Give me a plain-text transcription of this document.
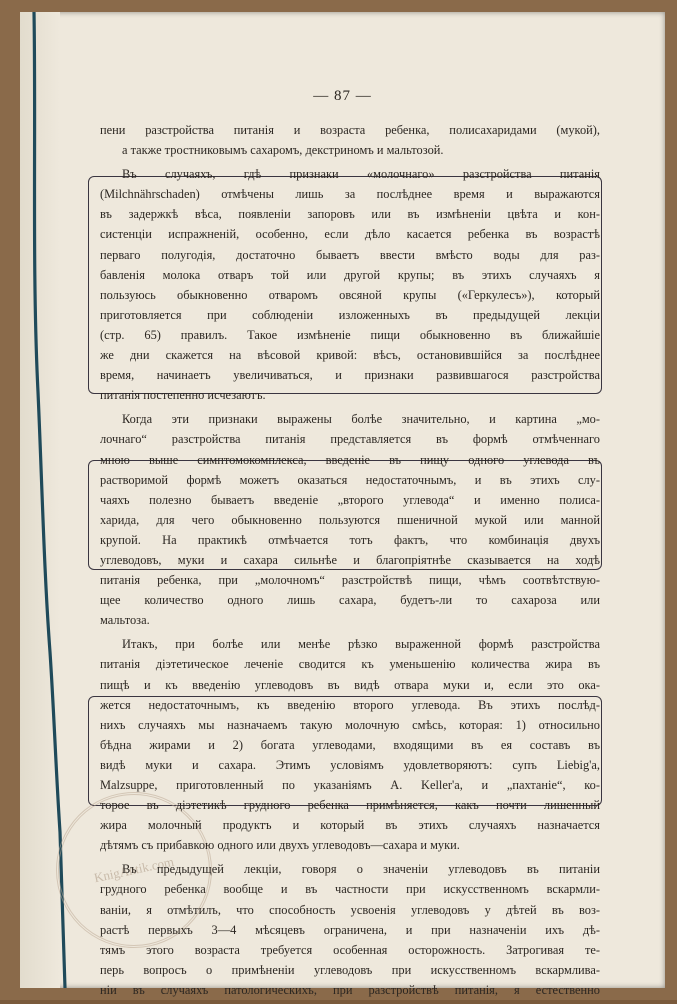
— 87 —
KnigAntik.com
пени разстройства питанія и возраста ребенка, полисахаридами (мукой),
а также тростниковымъ сахаромъ, декстриномъ и мальтозой.
Въ случаяхъ, гдѣ признаки «молочнаго» разстройства питанія
(Milchnährschaden) отмѣчены лишь за послѣднее время и выражаются
въ задержкѣ вѣса, появленіи запоровъ или въ измѣненіи цвѣта и кон-
систенціи испражненій, особенно, если дѣло касается ребенка въ возрастѣ
перваго полугодія, достаточно бываетъ ввести вмѣсто воды для раз-
бавленія молока отваръ той или другой крупы; въ этихъ случаяхъ я
пользуюсь обыкновенно отваромъ овсяной крупы («Геркулесъ»), который
приготовляется при соблюденіи изложенныхъ въ предыдущей лекціи
(стр. 65) правилъ. Такое измѣненіе пищи обыкновенно въ ближайшіе
же дни скажется на вѣсовой кривой: вѣсъ, остановившійся за послѣднее
время, начинаетъ увеличиваться, и признаки развившагося разстройства
питанія постепенно исчезаютъ.
Когда эти признаки выражены болѣе значительно, и картина „мо-
лочнаго“ разстройства питанія представляется въ формѣ отмѣченнаго
мною выше симптомокомплекса, введеніе въ пищу одного углевода въ
растворимой формѣ можетъ оказаться недостаточнымъ, и въ этихъ слу-
чаяхъ полезно бываетъ введеніе „второго углевода“ и именно полиса-
харида, для чего обыкновенно пользуются пшеничной мукой или манной
крупой. На практикѣ отмѣчается тотъ фактъ, что комбинація двухъ
углеводовъ, муки и сахара сильнѣе и благопріятнѣе сказывается на ходѣ
питанія ребенка, при „молочномъ“ разстройствѣ пищи, чѣмъ соотвѣтствую-
щее количество одного лишь сахара, будетъ-ли то сахароза или
мальтоза.
Итакъ, при болѣе или менѣе рѣзко выраженной формѣ разстройства
питанія діэтетическое леченіе сводится къ уменьшенію количества жира въ
пищѣ и къ введенію углеводовъ въ видѣ отвара муки и, если это ока-
жется недостаточнымъ, къ введенію второго углевода. Въ этихъ послѣд-
нихъ случаяхъ мы назначаемъ такую молочную смѣсь, которая: 1) относильно
бѣдна жирами и 2) богата углеводами, входящими въ ея составъ въ
видѣ муки и сахара. Этимъ условіямъ удовлетворяютъ: супъ Liebig'a,
Malzsuppe, приготовленный по указаніямъ A. Keller'a, и „пахтаніе“, ко-
торое въ діэтетикѣ грудного ребенка примѣняется, какъ почти лишенный
жира молочный продуктъ и который въ этихъ случаяхъ назначается
дѣтямъ съ прибавкою одного или двухъ углеводовъ—сахара и муки.
Въ предыдущей лекціи, говоря о значеніи углеводовъ въ питаніи
грудного ребенка вообще и въ частности при искусственномъ вскармли-
ваніи, я отмѣтилъ, что способность усвоенія углеводовъ у дѣтей въ воз-
растѣ первыхъ 3—4 мѣсяцевъ ограничена, и при назначеніи ихъ дѣ-
тямъ этого возраста требуется особенная осторожность. Затрогивая те-
перь вопросъ о примѣненіи углеводовъ при искусственномъ вскармлива-
ніи въ случаяхъ патологическихъ, при разстройствѣ питанія, я естественно
